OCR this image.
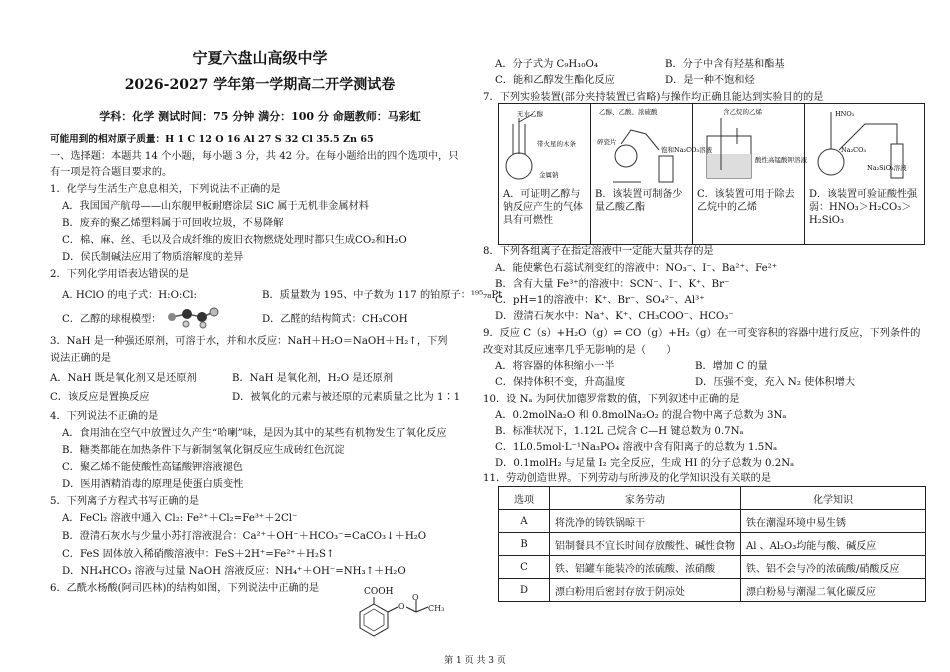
宁夏六盘山高级中学
2026-2027 学年第一学期高二开学测试卷
学科：化学 测试时间：75 分钟 满分：100 分 命题教师：马彩虹
可能用到的相对原子质量：H 1 C 12 O 16 Al 27 S 32 Cl 35.5 Zn 65
一、选择题：本题共 14 个小题，每小题 3 分，共 42 分。在每小题给出的四个选项中，只
有一项是符合题目要求的。
1．化学与生活生产息息相关，下列说法不正确的是
A．我国国产航母——山东舰甲板耐磨涂层 SiC 属于无机非金属材料
B．废弃的聚乙烯塑料属于可回收垃圾，不易降解
C．棉、麻、丝、毛以及合成纤维的废旧衣物燃烧处理时都只生成CO₂和H₂O
D．侯氏制碱法应用了物质溶解度的差异
2．下列化学用语表达错误的是
A. HClO 的电子式：H:O:Cl:	B．质量数为 195、中子数为 117 的铂原子：¹⁹⁵₇₈Pt
C．乙醇的球棍模型：	D．乙醛的结构简式：CH₃COH
3．NaH 是一种强还原剂，可溶于水，并和水反应：NaH＋H₂O＝NaOH＋H₂↑，下列
说法正确的是
A．NaH 既是氧化剂又是还原剂	B．NaH 是氧化剂，H₂O 是还原剂
C．该反应是置换反应	D．被氧化的元素与被还原的元素质量之比为 1∶1
4．下列说法不正确的是
A．食用油在空气中放置过久产生“哈喇”味，是因为其中的某些有机物发生了氧化反应
B．糖类都能在加热条件下与新制氢氧化铜反应生成砖红色沉淀
C．聚乙烯不能使酸性高锰酸钾溶液褪色
D．医用酒精消毒的原理是使蛋白质变性
5．下列离子方程式书写正确的是
A．FeCl₂ 溶液中通入 Cl₂: Fe²⁺＋Cl₂=Fe³⁺＋2Cl⁻
B．澄清石灰水与少量小苏打溶液混合：Ca²⁺＋OH⁻＋HCO₃⁻=CaCO₃↓＋H₂O
C．FeS 固体放入稀硝酸溶液中：FeS＋2H⁺=Fe²⁺＋H₂S↑
D．NH₄HCO₃ 溶液与过量 NaOH 溶液反应：NH₄⁺＋OH⁻=NH₃↑＋H₂O
6．乙酰水杨酸(阿司匹林)的结构如图，下列说法中正确的是	COOH
O
O
CH₃
A．分子式为 C₉H₁₀O₄	B．分子中含有羟基和酯基
C．能和乙醇发生酯化反应	D．是一种不饱和烃
7．下列实验装置(部分夹持装置已省略)与操作均正确且能达到实验目的的是
无水乙醇
带火星的木条
金属钠
A．可证明乙醇与钠反应产生的气体具有可燃性
乙醇、乙酸、浓硫酸
碎瓷片
饱和Na₂CO₃溶液
B．该装置可制备少量乙酸乙酯
含乙烷的乙烯
酸性高锰酸钾溶液
C．该装置可用于除去乙烷中的乙烯
HNO₃
Na₂CO₃
Na₂SiO₃溶液
D．该装置可验证酸性强弱：HNO₃＞H₂CO₃＞H₂SiO₃
8．下列各组离子在指定溶液中一定能大量共存的是
A．能使紫色石蕊试剂变红的溶液中：NO₃⁻、I⁻、Ba²⁺、Fe²⁺
B．含有大量 Fe³⁺的溶液中：SCN⁻、I⁻、K⁺、Br⁻
C．pH=1的溶液中：K⁺、Br⁻、SO₄²⁻、Al³⁺
D．澄清石灰水中：Na⁺、K⁺、CH₃COO⁻、HCO₃⁻
9．反应 C（s）+H₂O（g）⇌ CO（g）+H₂（g）在一可变容积的容器中进行反应，下列条件的
改变对其反应速率几乎无影响的是（　　）
A．将容器的体积缩小一半	B．增加 C 的量
C．保持体积不变，升高温度	D．压强不变，充入 N₂ 使体积增大
10．设 Nₐ 为阿伏加德罗常数的值，下列叙述中正确的是
A．0.2molNa₂O 和 0.8molNa₂O₂ 的混合物中离子总数为 3Nₐ
B．标准状况下，1.12L 己烷含 C—H 键总数为 0.7Nₐ
C．1L0.5mol·L⁻¹Na₃PO₄ 溶液中含有阳离子的总数为 1.5Nₐ
D．0.1molH₂ 与足量 I₂ 完全反应，生成 HI 的分子总数为 0.2Nₐ
11．劳动创造世界。下列劳动与所涉及的化学知识没有关联的是
选项	家务劳动	化学知识
A	将洗净的铸铁锅晾干	铁在潮湿环境中易生锈
B	铝制餐具不宜长时间存放酸性、碱性食物	Al 、Al₂O₃均能与酸、碱反应
C	铁、铝罐车能装冷的浓硫酸、浓硝酸	铁、铝不会与冷的浓硫酸/硝酸反应
D	漂白粉用后密封存放于阴凉处	漂白粉易与潮湿二氧化碳反应
第 1 页 共 3 页
